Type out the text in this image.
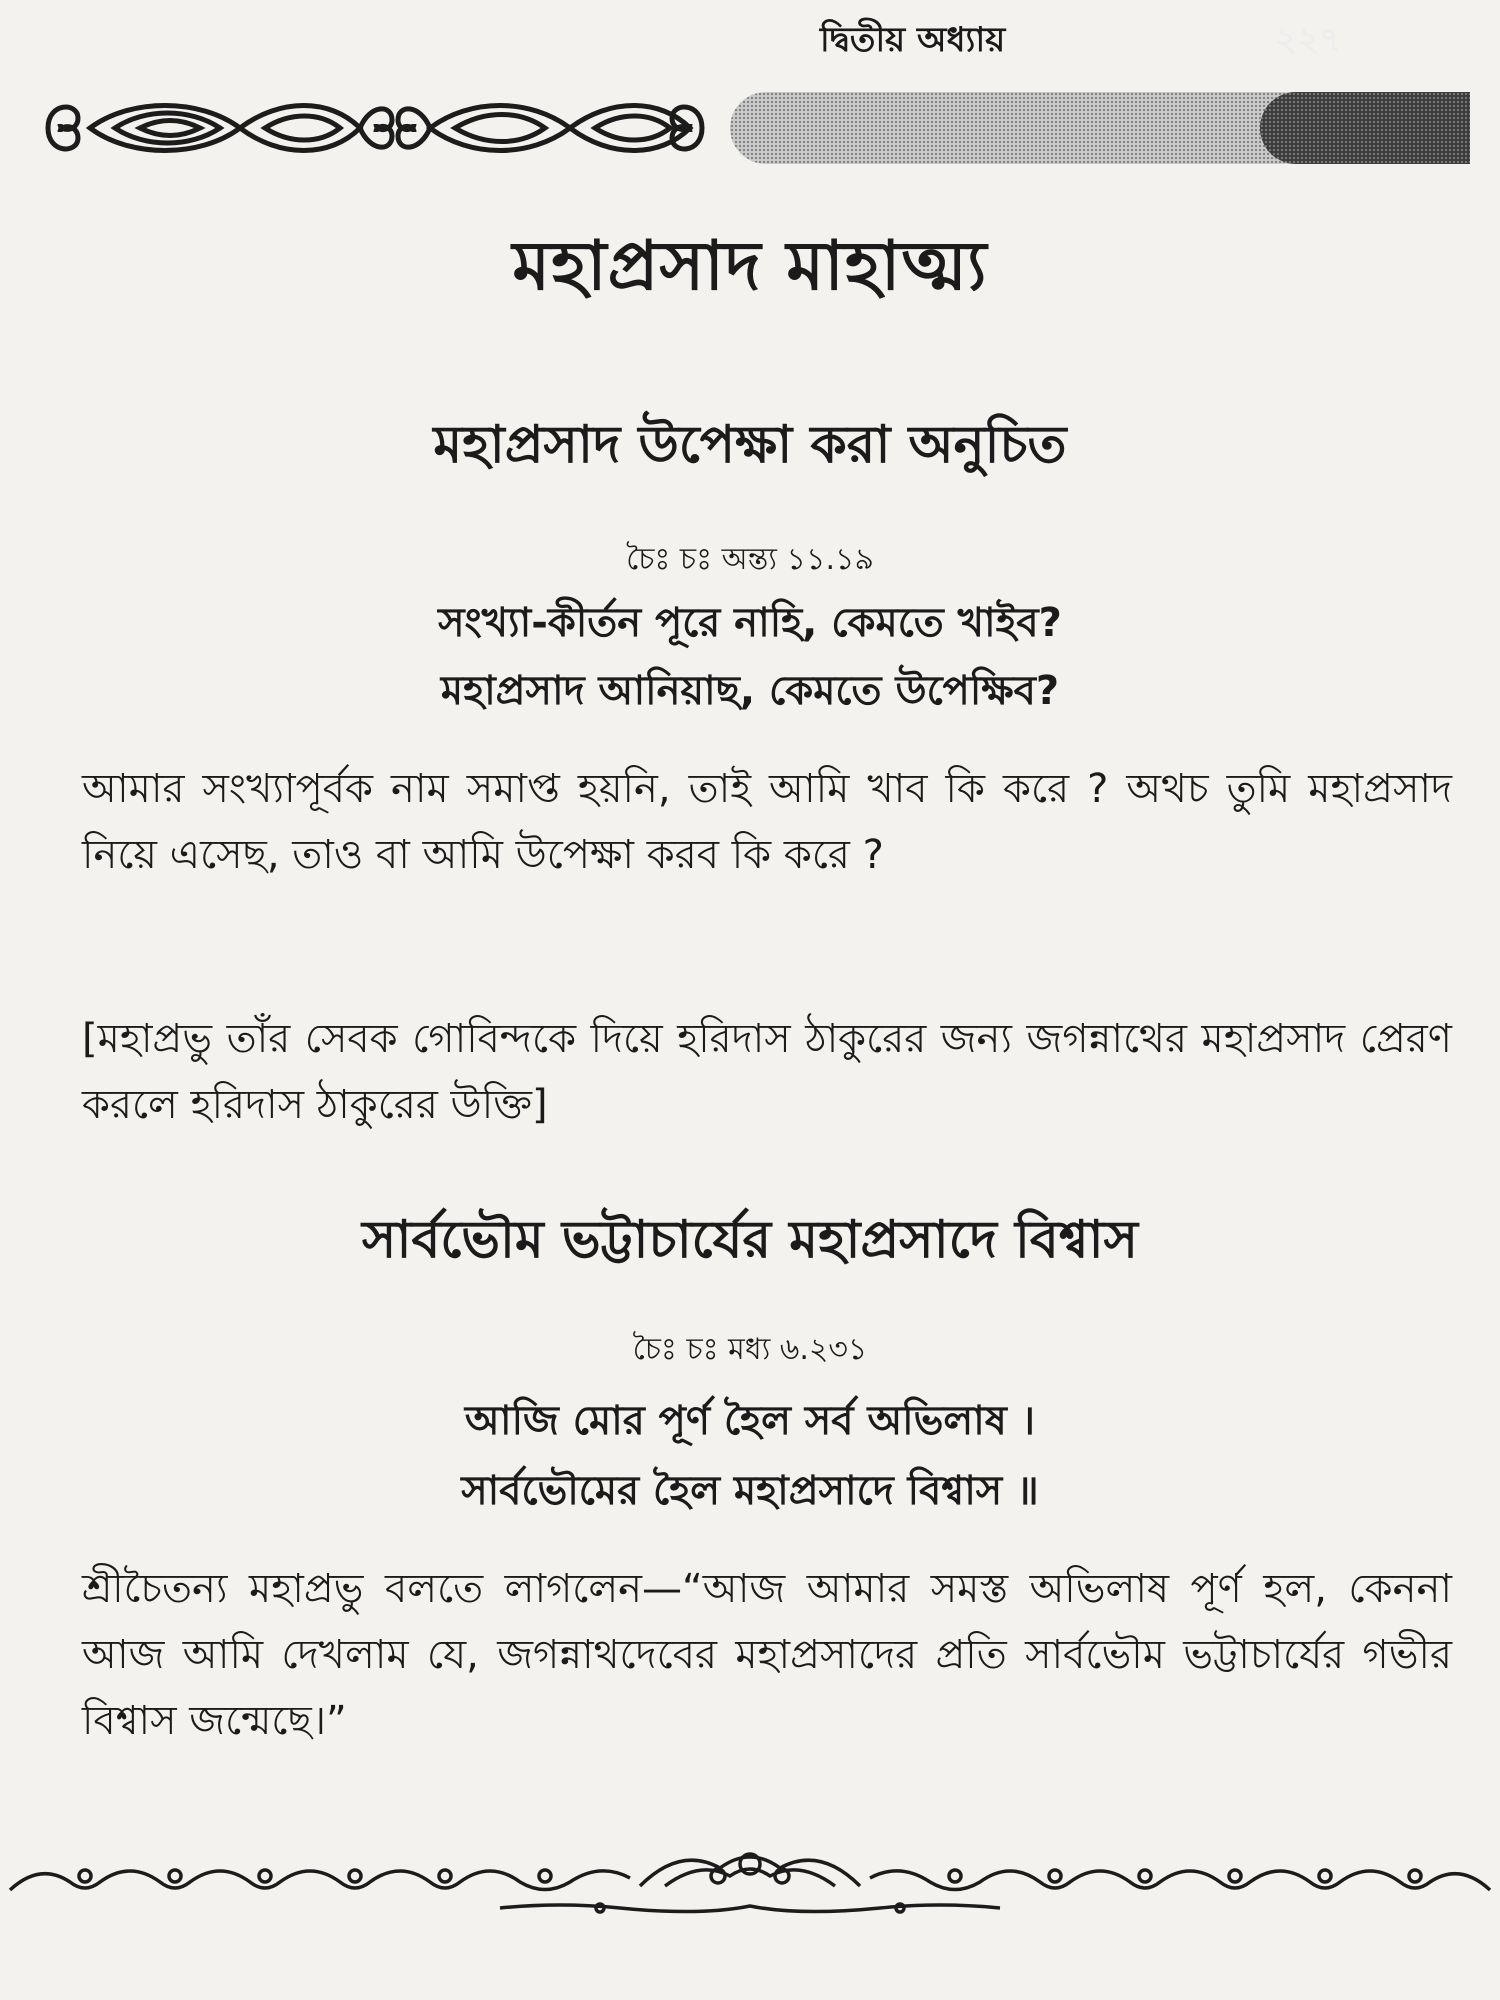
দ্বিতীয় অধ্যায়	২২৭
মহাপ্রসাদ মাহাত্ম্য
মহাপ্রসাদ উপেক্ষা করা অনুচিত
চৈঃ চঃ অন্ত্য ১১.১৯
সংখ্যা-কীর্তন পূরে নাহি, কেমতে খাইব?
মহাপ্রসাদ আনিয়াছ, কেমতে উপেক্ষিব?

আমার সংখ্যাপূর্বক নাম সমাপ্ত হয়নি, তাই আমি খাব কি করে ? অথচ তুমি মহাপ্রসাদ নিয়ে এসেছ, তাও বা আমি উপেক্ষা করব কি করে ?

[মহাপ্রভু তাঁর সেবক গোবিন্দকে দিয়ে হরিদাস ঠাকুরের জন্য জগন্নাথের মহাপ্রসাদ প্রেরণ করলে হরিদাস ঠাকুরের উক্তি]

সার্বভৌম ভট্টাচার্যের মহাপ্রসাদে বিশ্বাস
চৈঃ চঃ মধ্য ৬.২৩১
আজি মোর পূর্ণ হৈল সর্ব অভিলাষ ।
সার্বভৌমের হৈল মহাপ্রসাদে বিশ্বাস ॥

শ্রীচৈতন্য মহাপ্রভু বলতে লাগলেন—“আজ আমার সমস্ত অভিলাষ পূর্ণ হল, কেননা আজ আমি দেখলাম যে, জগন্নাথদেবের মহাপ্রসাদের প্রতি সার্বভৌম ভট্টাচার্যের গভীর বিশ্বাস জন্মেছে।”
